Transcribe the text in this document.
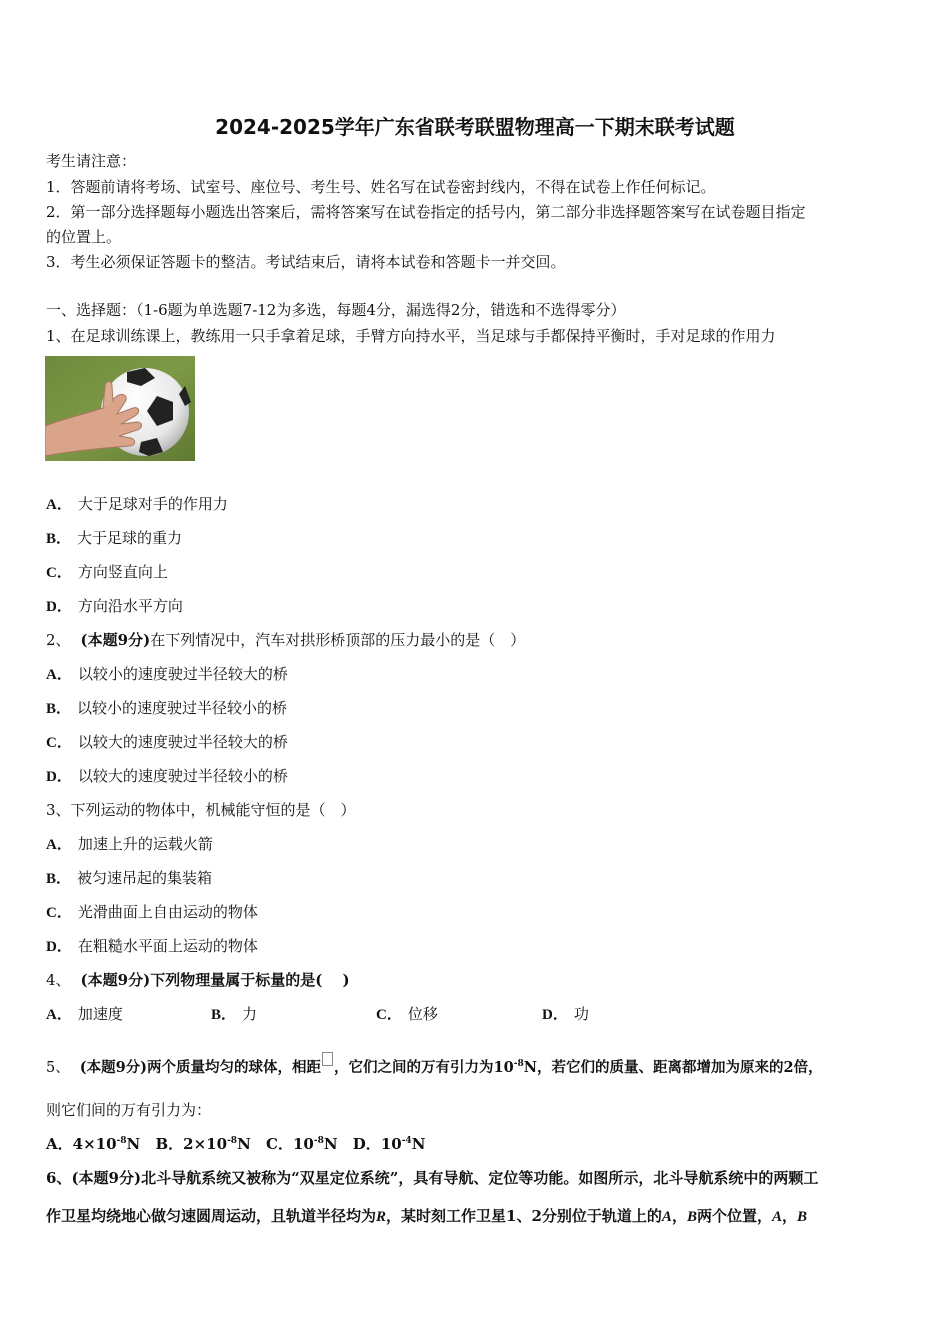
2024-2025学年广东省联考联盟物理高一下期末联考试题
考生请注意：
1．答题前请将考场、试室号、座位号、考生号、姓名写在试卷密封线内，不得在试卷上作任何标记。
2．第一部分选择题每小题选出答案后，需将答案写在试卷指定的括号内，第二部分非选择题答案写在试卷题目指定
的位置上。
3．考生必须保证答题卡的整洁。考试结束后，请将本试卷和答题卡一并交回。
一、选择题：（1-6题为单选题7-12为多选，每题4分，漏选得2分，错选和不选得零分）
1、在足球训练课上，教练用一只手拿着足球，手臂方向持水平，当足球与手都保持平衡时，手对足球的作用力
A． 大于足球对手的作用力
B． 大于足球的重力
C． 方向竖直向上
D． 方向沿水平方向
2、 (本题9分)在下列情况中，汽车对拱形桥顶部的压力最小的是（　）
A． 以较小的速度驶过半径较大的桥
B． 以较小的速度驶过半径较小的桥
C． 以较大的速度驶过半径较大的桥
D． 以较大的速度驶过半径较小的桥
3、下列运动的物体中，机械能守恒的是（　）
A． 加速上升的运载火箭
B． 被匀速吊起的集装箱
C． 光滑曲面上自由运动的物体
D． 在粗糙水平面上运动的物体
4、 (本题9分)下列物理量属于标量的是(　 )
A． 加速度	B． 力	C． 位移	D． 功
5、 (本题9分)两个质量均匀的球体，相距 ，它们之间的万有引力为$10^{-8}N$，若它们的质量、距离都增加为原来的2倍，
则它们间的万有引力为：
A．$4\times 10^{-8}N$ B．$2\times 10^{-8}N$ C．$10^{-8}N$ D．$10^{-4}N$
6、(本题9分)北斗导航系统又被称为“双星定位系统”，具有导航、定位等功能。如图所示，北斗导航系统中的两颗工
作卫星均绕地心做匀速圆周运动，且轨道半径均为R，某时刻工作卫星1、2分别位于轨道上的A，B两个位置，A，B
